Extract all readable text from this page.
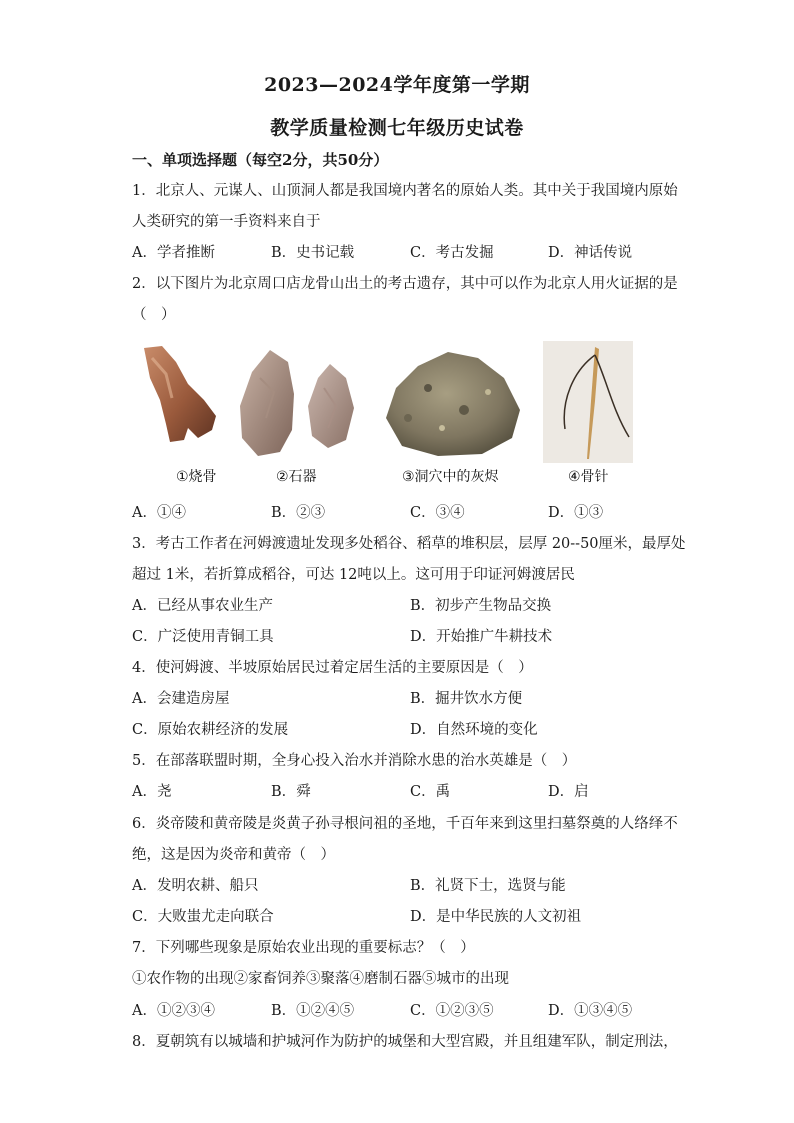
2023—2024学年度第一学期
教学质量检测七年级历史试卷
一、单项选择题（每空2分，共50分）
1．北京人、元谋人、山顶洞人都是我国境内著名的原始人类。其中关于我国境内原始
人类研究的第一手资料来自于
A．学者推断	B．史书记载	C．考古发掘	D．神话传说
2．以下图片为北京周口店龙骨山出土的考古遗存，其中可以作为北京人用火证据的是
（　）
①烧骨	②石器	③洞穴中的灰烬	④骨针
A．①④	B．②③	C．③④	D．①③
3．考古工作者在河姆渡遗址发现多处稻谷、稻草的堆积层，层厚 20--50厘米，最厚处
超过 1米，若折算成稻谷，可达 12吨以上。这可用于印证河姆渡居民
A．已经从事农业生产	B．初步产生物品交换
C．广泛使用青铜工具	D．开始推广牛耕技术
4．使河姆渡、半坡原始居民过着定居生活的主要原因是（　）
A．会建造房屋	B．掘井饮水方便
C．原始农耕经济的发展	D．自然环境的变化
5．在部落联盟时期，全身心投入治水并消除水患的治水英雄是（　）
A．尧	B．舜	C．禹	D．启
6．炎帝陵和黄帝陵是炎黄子孙寻根问祖的圣地，千百年来到这里扫墓祭奠的人络绎不
绝，这是因为炎帝和黄帝（　）
A．发明农耕、船只	B．礼贤下士，选贤与能
C．大败蚩尤走向联合	D．是中华民族的人文初祖
7．下列哪些现象是原始农业出现的重要标志？（　）
①农作物的出现②家畜饲养③聚落④磨制石器⑤城市的出现
A．①②③④	B．①②④⑤	C．①②③⑤	D．①③④⑤
8．夏朝筑有以城墙和护城河作为防护的城堡和大型宫殿，并且组建军队，制定刑法，
